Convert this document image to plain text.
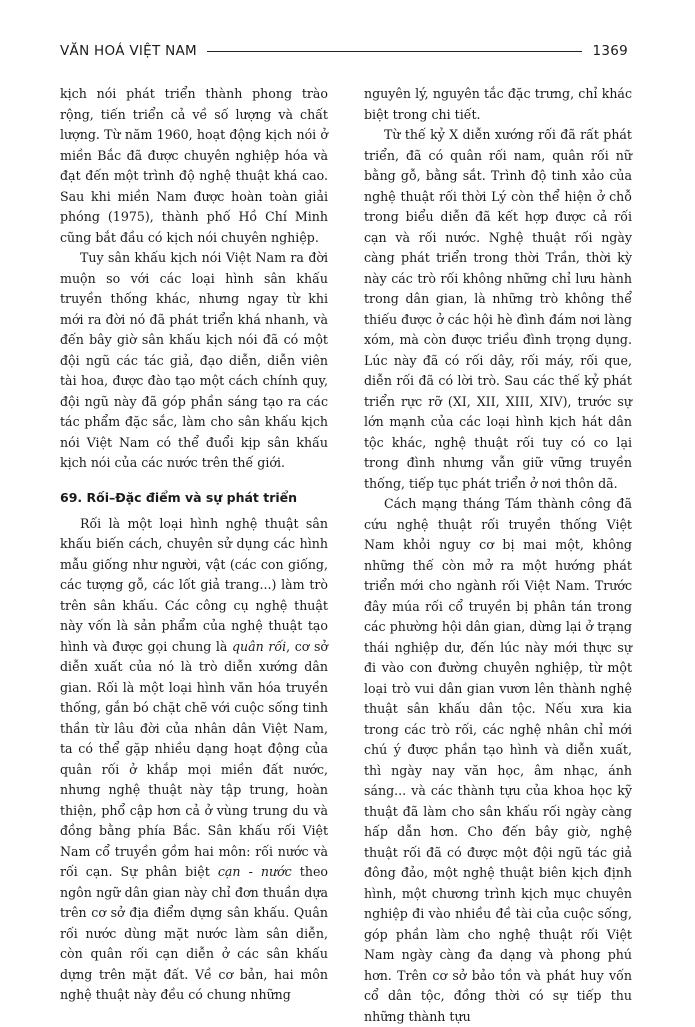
VĂN HOÁ VIỆT NAM	1369

kịch nói phát triển thành phong trào rộng, tiến triển cả về số lượng và chất lượng. Từ năm 1960, hoạt động kịch nói ở miền Bắc đã được chuyên nghiệp hóa và đạt đến một trình độ nghệ thuật khá cao. Sau khi miền Nam được hoàn toàn giải phóng (1975), thành phố Hồ Chí Minh cũng bắt đầu có kịch nói chuyên nghiệp.

Tuy sân khấu kịch nói Việt Nam ra đời muộn so với các loại hình sân khấu truyền thống khác, nhưng ngay từ khi mới ra đời nó đã phát triển khá nhanh, và đến bây giờ sân khấu kịch nói đã có một đội ngũ các tác giả, đạo diễn, diễn viên tài hoa, được đào tạo một cách chính quy, đội ngũ này đã góp phần sáng tạo ra các tác phẩm đặc sắc, làm cho sân khấu kịch nói Việt Nam có thể đuổi kịp sân khấu kịch nói của các nước trên thế giới.

69. Rối–Đặc điểm và sự phát triển

Rối là một loại hình nghệ thuật sân khấu biến cách, chuyên sử dụng các hình mẫu giống như người, vật (các con giống, các tượng gỗ, các lốt giả trang...) làm trò trên sân khấu. Các công cụ nghệ thuật này vốn là sản phẩm của nghệ thuật tạo hình và được gọi chung là quân rối, cơ sở diễn xuất của nó là trò diễn xướng dân gian. Rối là một loại hình văn hóa truyền thống, gắn bó chặt chẽ với cuộc sống tinh thần từ lâu đời của nhân dân Việt Nam, ta có thể gặp nhiều dạng hoạt động của quân rối ở khắp mọi miền đất nước, nhưng nghệ thuật này tập trung, hoàn thiện, phổ cập hơn cả ở vùng trung du và đồng bằng phía Bắc. Sân khấu rối Việt Nam cổ truyền gồm hai môn: rối nước và rối cạn. Sự phân biệt cạn - nước theo ngôn ngữ dân gian này chỉ đơn thuần dựa trên cơ sở địa điểm dựng sân khấu. Quân rối nước dùng mặt nước làm sân diễn, còn quân rối cạn diễn ở các sân khấu dựng trên mặt đất. Về cơ bản, hai môn nghệ thuật này đều có chung những

nguyên lý, nguyên tắc đặc trưng, chỉ khác biệt trong chi tiết.

Từ thế kỷ X diễn xướng rối đã rất phát triển, đã có quân rối nam, quân rối nữ bằng gỗ, bằng sắt. Trình độ tinh xảo của nghệ thuật rối thời Lý còn thể hiện ở chỗ trong biểu diễn đã kết hợp được cả rối cạn và rối nước. Nghệ thuật rối ngày càng phát triển trong thời Trần, thời kỳ này các trò rối không những chỉ lưu hành trong dân gian, là những trò không thể thiếu được ở các hội hè đình đám nơi làng xóm, mà còn được triều đình trọng dụng. Lúc này đã có rối dây, rối máy, rối que, diễn rối đã có lời trò. Sau các thế kỷ phát triển rực rỡ (XI, XII, XIII, XIV), trước sự lớn mạnh của các loại hình kịch hát dân tộc khác, nghệ thuật rối tuy có co lại trong đình nhưng vẫn giữ vững truyền thống, tiếp tục phát triển ở nơi thôn dã.

Cách mạng tháng Tám thành công đã cứu nghệ thuật rối truyền thống Việt Nam khỏi nguy cơ bị mai một, không những thế còn mở ra một hướng phát triển mới cho ngành rối Việt Nam. Trước đây múa rối cổ truyền bị phân tán trong các phường hội dân gian, dừng lại ở trạng thái nghiệp dư, đến lúc này mới thực sự đi vào con đường chuyên nghiệp, từ một loại trò vui dân gian vươn lên thành nghệ thuật sân khấu dân tộc. Nếu xưa kia trong các trò rối, các nghệ nhân chỉ mới chú ý được phần tạo hình và diễn xuất, thì ngày nay văn học, âm nhạc, ánh sáng... và các thành tựu của khoa học kỹ thuật đã làm cho sân khấu rối ngày càng hấp dẫn hơn. Cho đến bây giờ, nghệ thuật rối đã có được một đội ngũ tác giả đông đảo, một nghệ thuật biên kịch định hình, một chương trình kịch mục chuyên nghiệp đi vào nhiều đề tài của cuộc sống, góp phần làm cho nghệ thuật rối Việt Nam ngày càng đa dạng và phong phú hơn. Trên cơ sở bảo tồn và phát huy vốn cổ dân tộc, đồng thời có sự tiếp thu những thành tựu
